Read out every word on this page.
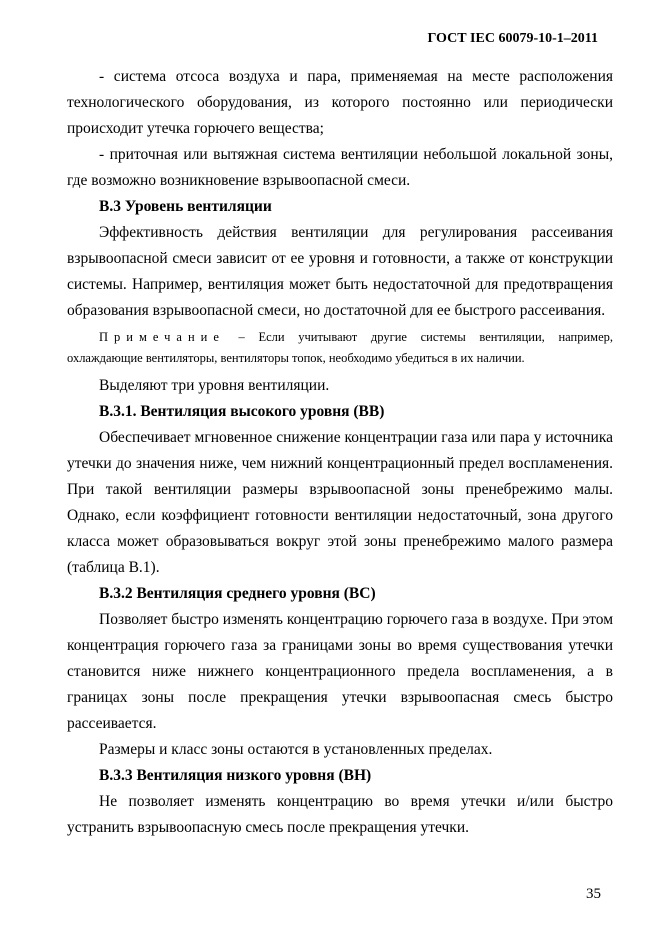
ГОСТ IEC 60079-10-1–2011

- система отсоса воздуха и пара, применяемая на месте расположения технологического оборудования, из которого постоянно или периодически происходит утечка горючего вещества;

- приточная или вытяжная система вентиляции небольшой локальной зоны, где возможно возникновение взрывоопасной смеси.

В.3 Уровень вентиляции

Эффективность действия вентиляции для регулирования рассеивания взрывоопасной смеси зависит от ее уровня и готовности, а также от конструкции системы. Например, вентиляция может быть недостаточной для предотвращения образования взрывоопасной смеси, но достаточной для ее быстрого рассеивания.

Примечание – Если учитывают другие системы вентиляции, например, охлаждающие вентиляторы, вентиляторы топок, необходимо убедиться в их наличии.

Выделяют три уровня вентиляции.

В.3.1. Вентиляция высокого уровня (ВВ)

Обеспечивает мгновенное снижение концентрации газа или пара у источника утечки до значения ниже, чем нижний концентрационный предел воспламенения. При такой вентиляции размеры взрывоопасной зоны пренебрежимо малы. Однако, если коэффициент готовности вентиляции недостаточный, зона другого класса может образовываться вокруг этой зоны пренебрежимо малого размера (таблица В.1).

В.3.2 Вентиляция среднего уровня (ВС)

Позволяет быстро изменять концентрацию горючего газа в воздухе. При этом концентрация горючего газа за границами зоны во время существования утечки становится ниже нижнего концентрационного предела воспламенения, а в границах зоны после прекращения утечки взрывоопасная смесь быстро рассеивается.

Размеры и класс зоны остаются в установленных пределах.

В.3.3 Вентиляция низкого уровня (ВН)

Не позволяет изменять концентрацию во время утечки и/или быстро устранить взрывоопасную смесь после прекращения утечки.

35
